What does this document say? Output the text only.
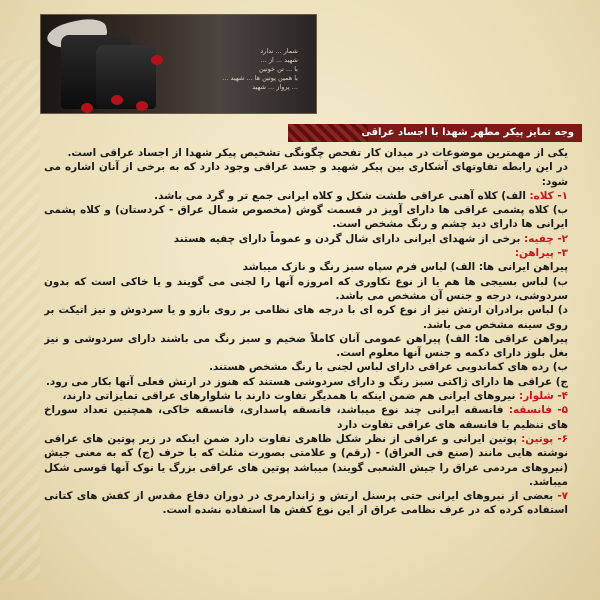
شمار ... ندارد
شهید ... از ...
با ... تن خونین
با همین پوتین ها ... شهید ...
... پرواز ... شهید
وجه تمایز پیکر مطهر شهدا با اجساد عراقی

یکی از مهمترین موضوعات در میدان کار تفحص چگونگی تشخیص پیکر شهدا از اجساد عراقی است.

در این رابطه تفاوتهای آشکاری بین پیکر شهید و جسد عراقی وجود دارد که به برخی از آنان اشاره می شود:

۱- کلاه: الف) کلاه آهنی عراقی طشت شکل و کلاه ایرانی جمع تر و گرد می باشد.

ب) کلاه پشمی عراقی ها دارای آویز در قسمت گوش (مخصوص شمال عراق - کردستان) و کلاه پشمی ایرانی ها دارای دید چشم و رنگ مشخص است.

۲- چفیه: برخی از شهدای ایرانی دارای شال گردن و عموماً دارای چفیه هستند

۳- پیراهن:

پیراهن ایرانی ها: الف) لباس فرم سپاه سبز رنگ و نازک میباشد

ب) لباس بسیجی ها هم یا از نوع تکاوری که امروزه آنها را لجنی می گویند و یا خاکی است که بدون سردوشی، درجه و جنس آن مشخص می باشد.

د) لباس برادران ارتش نیز از نوع کره ای با درجه های نظامی بر روی بازو و یا سردوش و نیز اتیکت بر روی سینه مشخص می باشد.

پیراهن عراقی ها: الف) پیراهن عمومی آنان کاملاً ضخیم و سبز رنگ می باشند دارای سردوشی و نیز بغل بلوز دارای دکمه و جنس آنها معلوم است.

ب) رده های کماندویی عراقی دارای لباس لجنی با رنگ مشخص هستند.

ج) عراقی ها دارای ژاکتی سبز رنگ و دارای سردوشی هستند که هنوز در ارتش فعلی آنها بکار می رود.

۴- شلوار: نیروهای ایرانی هم ضمن اینکه با همدیگر تفاوت دارند با شلوارهای عراقی تمایزاتی دارند،

۵- فانسقه: فانسقه ایرانی چند نوع میباشد، فانسقه پاسداری، فانسقه خاکی، همچنین تعداد سوراخ های تنظیم با فانسقه های عراقی تفاوت دارد

۶- پوتین: پوتین ایرانی و عراقی از نظر شکل ظاهری تفاوت دارد ضمن اینکه در زیر پوتین های عراقی نوشته هایی مانند (صنع فی العراق) - (رقم) و علامتی بصورت مثلث که با حرف (ج) که به معنی جیش (نیروهای مردمی عراق را جیش الشعبی گویند) میباشد پوتین های عراقی بزرگ یا نوک آنها قوسی شکل میباشد.

۷- بعضی از نیروهای ایرانی حتی پرسنل ارتش و ژاندارمری در دوران دفاع مقدس از کفش های کتانی استفاده کرده که در عرف نظامی عراق از این نوع کفش ها استفاده نشده است.
